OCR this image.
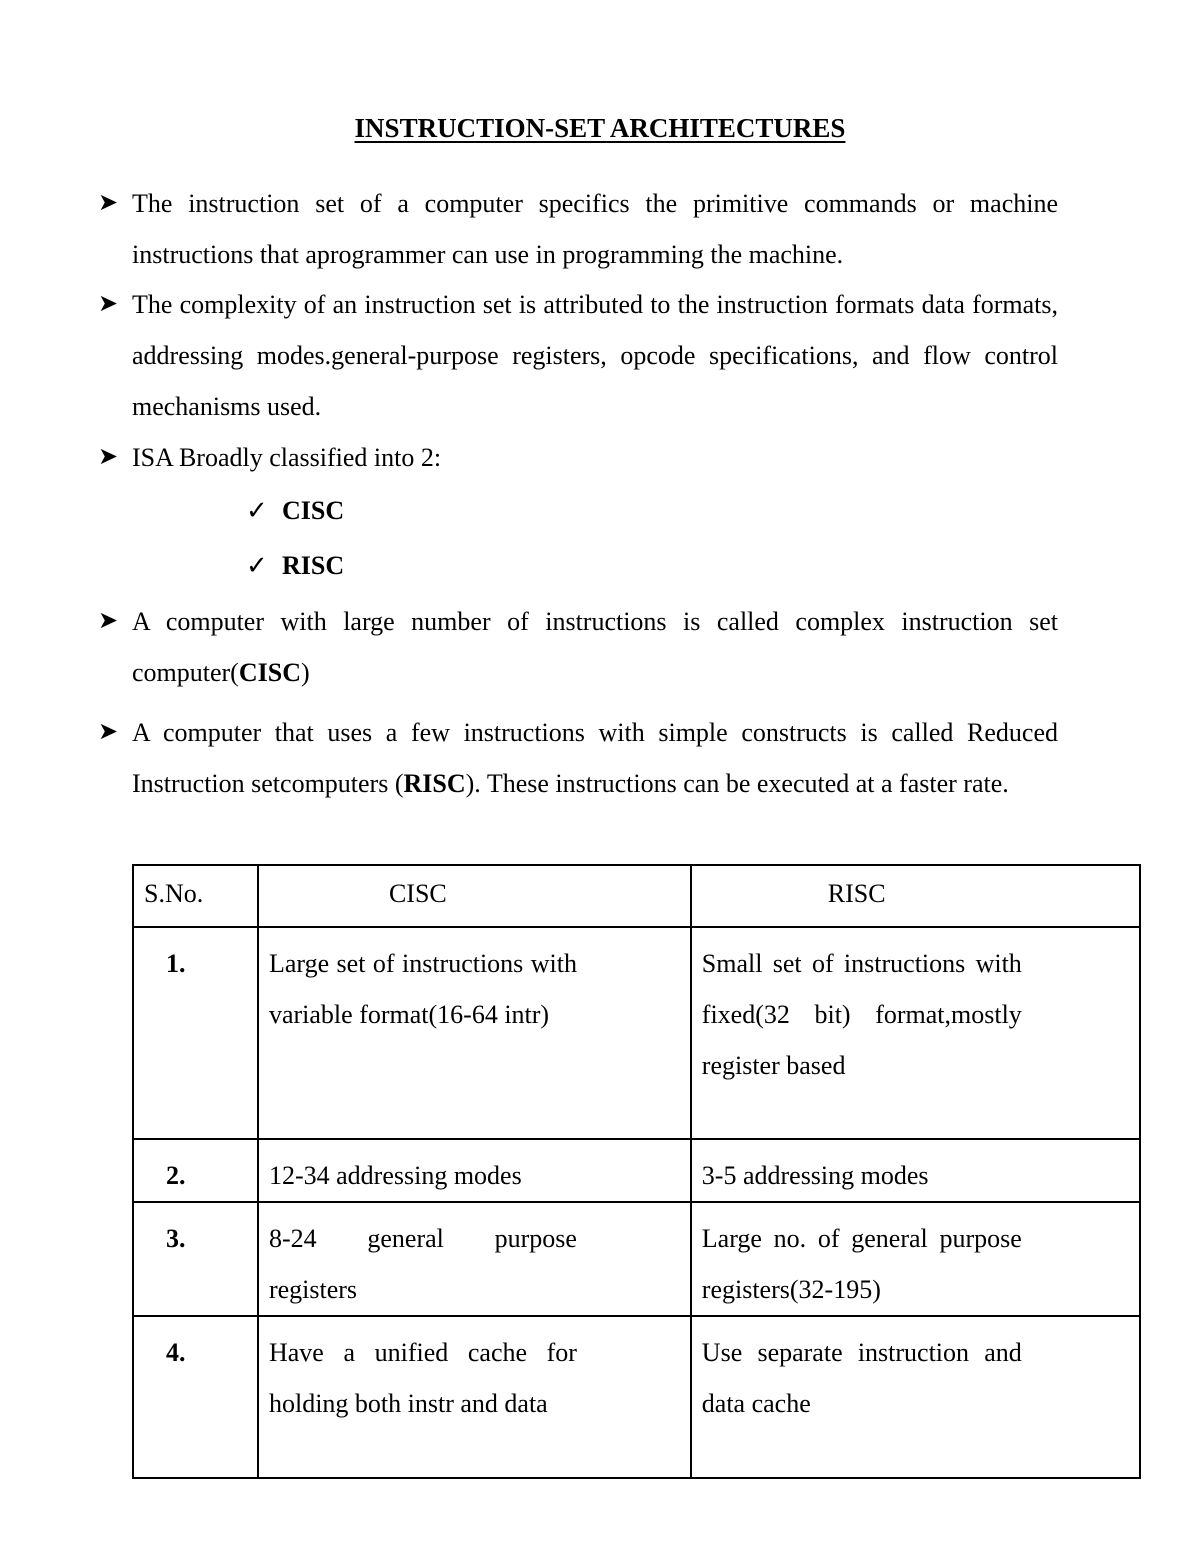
INSTRUCTION-SET ARCHITECTURES
➤ The instruction set of a computer specifics the primitive commands or machine instructions that aprogrammer can use in programming the machine.
➤ The complexity of an instruction set is attributed to the instruction formats data formats, addressing modes.general-purpose registers, opcode specifications, and flow control mechanisms used.
➤ ISA Broadly classified into 2:
✓ CISC
✓ RISC
➤ A computer with large number of instructions is called complex instruction set computer(CISC)
➤ A computer that uses a few instructions with simple constructs is called Reduced Instruction setcomputers (RISC). These instructions can be executed at a faster rate.
S.No.	CISC	RISC

1.	Large set of instructions with variable format(16-64 intr)	Small set of instructions with fixed(32 bit) format,mostly register based

2.	12-34 addressing modes	3-5 addressing modes

3.	8-24 general purpose registers	Large no. of general purpose registers(32-195)

4.	Have a unified cache for holding both instr and data	Use separate instruction and data cache
